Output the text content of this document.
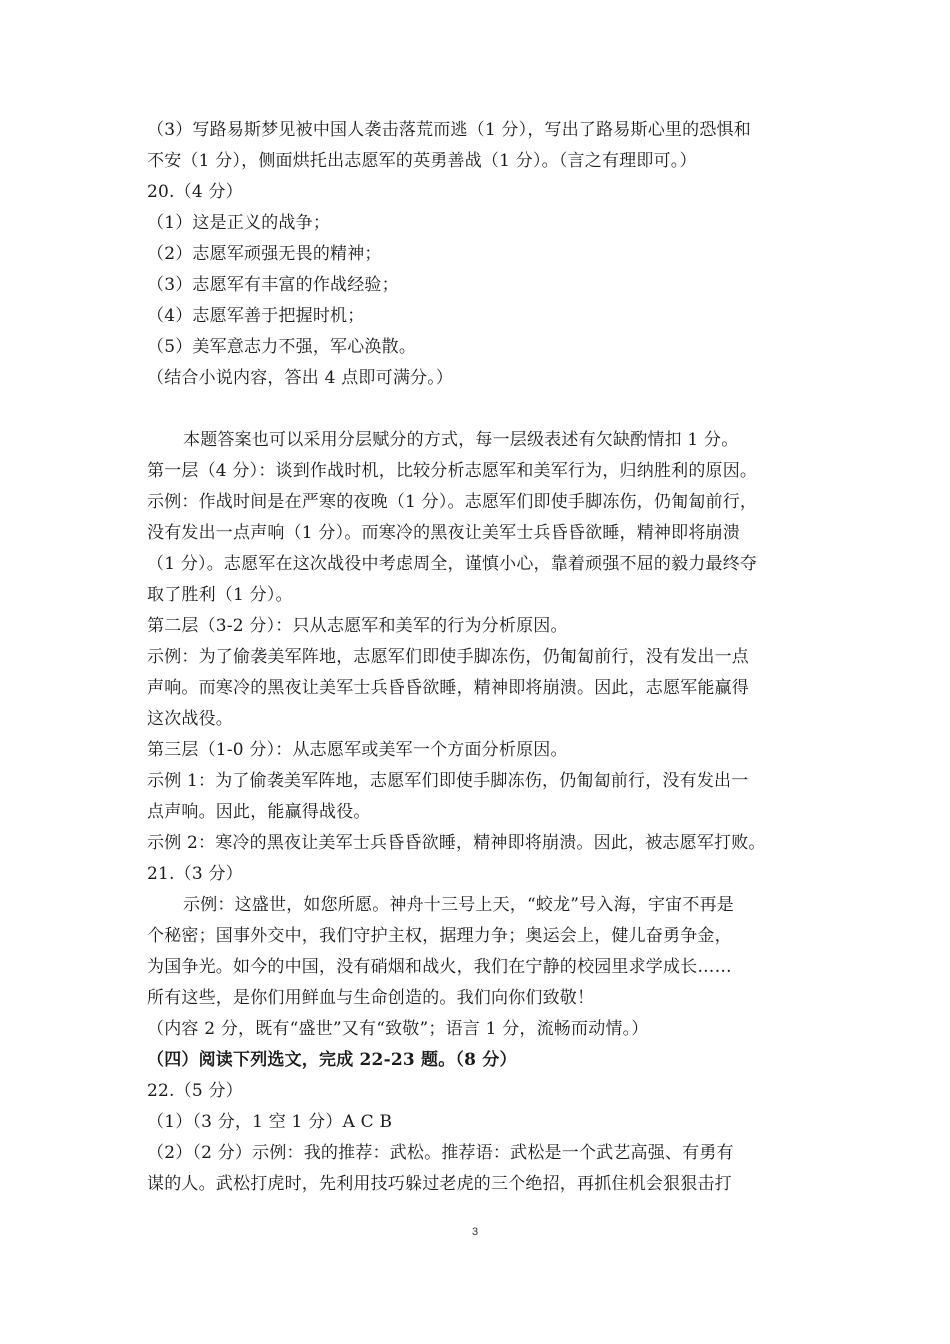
（3）写路易斯梦见被中国人袭击落荒而逃（1 分），写出了路易斯心里的恐惧和
不安（1 分），侧面烘托出志愿军的英勇善战（1 分）。（言之有理即可。）
20.（4 分）
（1）这是正义的战争；
（2）志愿军顽强无畏的精神；
（3）志愿军有丰富的作战经验；
（4）志愿军善于把握时机；
（5）美军意志力不强，军心涣散。
（结合小说内容，答出 4 点即可满分。）
本题答案也可以采用分层赋分的方式，每一层级表述有欠缺酌情扣 1 分。
第一层（4 分）：谈到作战时机，比较分析志愿军和美军行为，归纳胜利的原因。
示例：作战时间是在严寒的夜晚（1 分）。志愿军们即使手脚冻伤，仍匍匐前行，
没有发出一点声响（1 分）。而寒冷的黑夜让美军士兵昏昏欲睡，精神即将崩溃
（1 分）。志愿军在这次战役中考虑周全，谨慎小心，靠着顽强不屈的毅力最终夺
取了胜利（1 分）。
第二层（3-2 分）：只从志愿军和美军的行为分析原因。
示例：为了偷袭美军阵地，志愿军们即使手脚冻伤，仍匍匐前行，没有发出一点
声响。而寒冷的黑夜让美军士兵昏昏欲睡，精神即将崩溃。因此，志愿军能赢得
这次战役。
第三层（1-0 分）：从志愿军或美军一个方面分析原因。
示例 1：为了偷袭美军阵地，志愿军们即使手脚冻伤，仍匍匐前行，没有发出一
点声响。因此，能赢得战役。
示例 2：寒冷的黑夜让美军士兵昏昏欲睡，精神即将崩溃。因此，被志愿军打败。
21.（3 分）
示例：这盛世，如您所愿。神舟十三号上天，“蛟龙”号入海，宇宙不再是
个秘密；国事外交中，我们守护主权，据理力争；奥运会上，健儿奋勇争金，
为国争光。如今的中国，没有硝烟和战火，我们在宁静的校园里求学成长……
所有这些，是你们用鲜血与生命创造的。我们向你们致敬！
（内容 2 分，既有“盛世”又有“致敬”；语言 1 分，流畅而动情。）
（四）阅读下列选文，完成 22-23 题。（8 分）
22.（5 分）
（1）（3 分，1 空 1 分）A C B
（2）（2 分）示例：我的推荐：武松。推荐语：武松是一个武艺高强、有勇有
谋的人。武松打虎时，先利用技巧躲过老虎的三个绝招，再抓住机会狠狠击打
3
